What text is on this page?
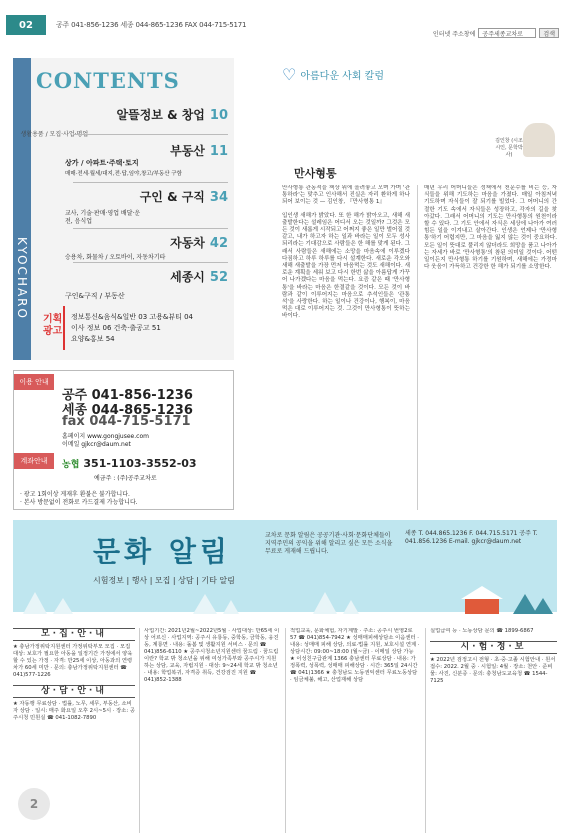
02	공주 041-856-1236 세종 044-865-1236 FAX 044-715-5171
인터넷 주소창에	공주세종교차로	검색
KYOCHARO
CONTENTS
알뜰정보 & 창업 10
생활용품 / 모집·사업·명업
부동산 11
상가 / 아파트·주택·토지
매매·전세·월세/대지,전·답,임야,창고/부동산 구함
구인 & 구직 34
교사, 기술·판매·영업 배달·운전, 음식업
자동차 42
승용차, 화물차 / 오토바이, 자동차기타
세종시 52
구인&구직 / 부동산
기획 광고
정보통신&음식&일반 03 고용&뷰티 04
이사 정보 06 건축·출공고 51
요양&홍보 54
이용 안내
공주 041-856-1236
세종 044-865-1236
fax 044-715-5171
홈페이지 www.gongjusee.com
이메일 gjkcr@daum.net
계좌안내	농협 351-1103-3552-03
예금주 : (주)공주교차로
· 광고 1회이상 게재후 환불은 불가합니다.
· 본사 방문없이 전화로 카드결제 가능합니다.
♡ 아름다운 사회 칼럼
김인창 (시조시인, 문학박사)
만사형통

만사형통 관동적을 책상 위에 올려놓고 오며 가며 '관통하라'는 맞추고 인사해서 진실은 자리 환하게 하나 되어 보이는 것 — 김인창, 『만사형통 1』

입인생 새해가 밝았다. 또 한 해가 밝아오고, 새해 새 출발한다는 설레임은 어디서 오는 것일까? 그것은 모든 것이 새롭게 시작되고 어쩌지 좋은 일만 벌어질 것 같고, 내가 하고자 하는 일과 바라는 일이 모두 성사되리라는 기대감으로 사람들은 한 해를 맞게 된다. 그래서 사람들은 새해에는 소망을 마음속에 이루겠다 다짐하고 하루 하루를 다시 설계한다. 새로운 각오와 새해 새출발을 가장 먼저 마음먹는 것도 새해이다. 새로운 계획을 세워 보고 다시 한번 삶을 아름답게 가꾸어 나가겠다는 마음을 먹는다. 요즘 같은 때 '만사형통'을 바라는 마음은 한결같을 것이다. 모든 것이 바람과 같이 이루어지는 마음으로 추석인들은 '관통석'을 사랑한다. 하는 일이나 건강이나, 행복이, 마음먹은 대로 이루어지는 것. 그것이 만사형통이 뜻하는 바이다.

매년 우리 어머니들은 정책에서 천문수를 비는 등, 자식들을 위해 기도하는 마음을 가졌다. 매일 아침저녁 기도하며 자식들이 잘 되기를 빌었다. 그 어머니의 간절한 기도 속에서 자식들은 성장하고, 각자의 길을 찾아갔다. 그래서 어머니의 기도는 만사형통의 원천이라 할 수 있다. 그 기도 안에서 자식은 세상에 나아가 여러 힘든 일을 이겨내고 살아간다. 인생은 언제나 '만사형통'하기 어렵지만, 그 마음을 잃지 않는 것이 중요하다. 모든 일이 뜻대로 풀리지 않더라도 희망을 품고 나아가는 자세가 바로 '만사형통'의 참된 의미일 것이다. 어떤 일이든지 만사형통 하기를 기원하며, 새해에는 가정마다 웃음이 가득하고 건강한 한 해가 되기를 소망한다.

문화 알림
시험정보 | 행사 | 모집 | 상담 | 기타 알림
교차로 문화 알림은 공공기관·사회·문화단체들이 지역주민의 공익을 위해 알리고 싶은 모든 소식을 무료로 게재해 드립니다.
세종 T. 044.865.1236 F. 044.715.5171 공주 T. 041.856.1236 E-mail. gjkcr@daum.net
모·집·안·내

★ 충남가정위탁지원센터 가정위탁부모 모집 · 모집대상: 보호가 필요한 아동을 일정기간 가정에서 양육할 수 있는 가정 · 자격: 만25세 이상, 아동과의 연령차가 60세 미만 · 문의: 충남가정위탁지원센터 ☎ 041)577-1226

상·담·안·내

★ 자동행 무료상담 · 법률, 노무, 세무, 부동산, 소비자 상담 · 일시: 매주 화요일 오후 2시~5시 · 장소: 공주시청 민원실 ☎ 041-1082-7890

사업기간: 2021년2월~2022년5월 · 사업대상: 만65세 이상 어르신 · 사업지역: 공주시 유룡동, 중학동, 금학동, 웅진동, 계룡면 · 내용: 돌봄 및 생활지원 서비스 · 문의 ☎ 041)856-6110 ★ 공주시청소년지원센터 꿈드림 · 꿈드림 이란? 학교 밖 청소년을 위해 여성가족부와 공주시가 지원하는 상담, 교육, 자립지원 · 대상: 9~24세 학교 밖 청소년 · 내용: 학업복귀, 자격증 취득, 건강검진 지원 ☎ 041)852-1388

적업교육, 문화체험, 자기계발 · 주소: 공주시 번영2로 57 ☎ 041)854-7942 ★ 성매매피해상담소 이음센터 · 내용: 성매매 피해 상담, 의료·법률 지원, 보호시설 연계 · 상담시간: 09:00~18:00 (월~금) · 이메일 상담 가능 ★ 이성친구급관계 1366 충남센터 무료상담 · 내용: 가정폭력, 성폭력, 성매매 피해상담 · 시간: 365일 24시간 ☎ 041)1366 ★ 충청남도 노동권익센터 무료노동상담 · 임금체불, 해고, 산업재해 상담

실업급여 등 · 노동상담 문의 ☎ 1899-6867

시·험·정·보

★ 2022년 검정고시 전형 · 초·중·고졸 시험안내 · 원서접수: 2022. 2월 중 · 시험일: 4월 · 장소: 천안 · 준비물: 사진, 신분증 · 문의: 충청남도교육청 ☎ 1544-7125

2
